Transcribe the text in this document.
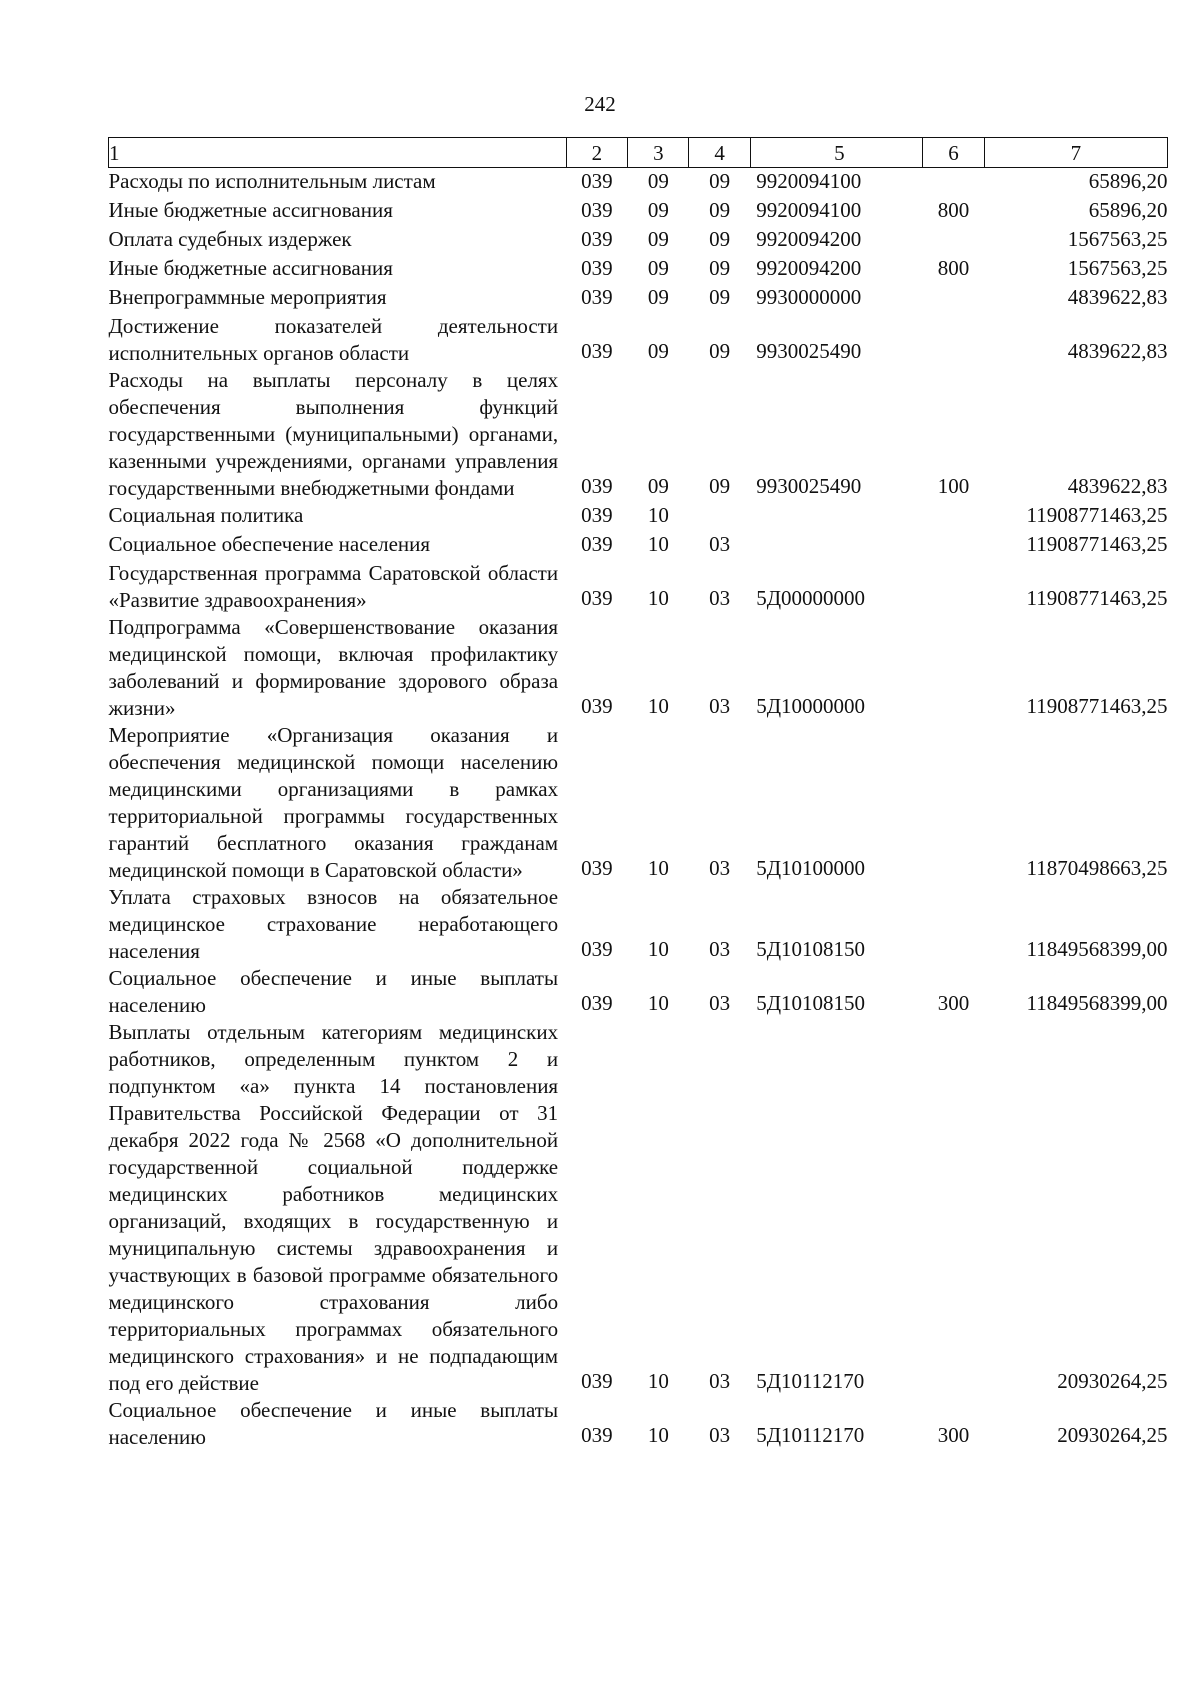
242
1	2	3	4	5	6	7
Расходы по исполнительным листам	039	09	09	9920094100		65896,20
Иные бюджетные ассигнования	039	09	09	9920094100	800	65896,20
Оплата судебных издержек	039	09	09	9920094200		1567563,25
Иные бюджетные ассигнования	039	09	09	9920094200	800	1567563,25
Внепрограммные мероприятия	039	09	09	9930000000		4839622,83
Достижение показателей деятельности исполнительных органов области	039	09	09	9930025490		4839622,83
Расходы на выплаты персоналу в целях обеспечения выполнения функций государственными (муниципальными) органами, казенными учреждениями, органами управления государственными внебюджетными фондами	039	09	09	9930025490	100	4839622,83
Социальная политика	039	10				11908771463,25
Социальное обеспечение населения	039	10	03			11908771463,25
Государственная программа Саратовской области «Развитие здравоохранения»	039	10	03	5Д00000000		11908771463,25
Подпрограмма «Совершенствование оказания медицинской помощи, включая профилактику заболеваний и формирование здорового образа жизни»	039	10	03	5Д10000000		11908771463,25
Мероприятие «Организация оказания и обеспечения медицинской помощи населению медицинскими организациями в рамках территориальной программы государственных гарантий бесплатного оказания гражданам медицинской помощи в Саратовской области»	039	10	03	5Д10100000		11870498663,25
Уплата страховых взносов на обязательное медицинское страхование неработающего населения	039	10	03	5Д10108150		11849568399,00
Социальное обеспечение и иные выплаты населению	039	10	03	5Д10108150	300	11849568399,00
Выплаты отдельным категориям медицинских работников, определенным пунктом 2 и подпунктом «а» пункта 14 постановления Правительства Российской Федерации от 31 декабря 2022 года № 2568 «О дополнительной государственной социальной поддержке медицинских работников медицинских организаций, входящих в государственную и муниципальную системы здравоохранения и участвующих в базовой программе обязательного медицинского страхования либо территориальных программах обязательного медицинского страхования» и не подпадающим под его действие	039	10	03	5Д10112170		20930264,25
Социальное обеспечение и иные выплаты населению	039	10	03	5Д10112170	300	20930264,25
